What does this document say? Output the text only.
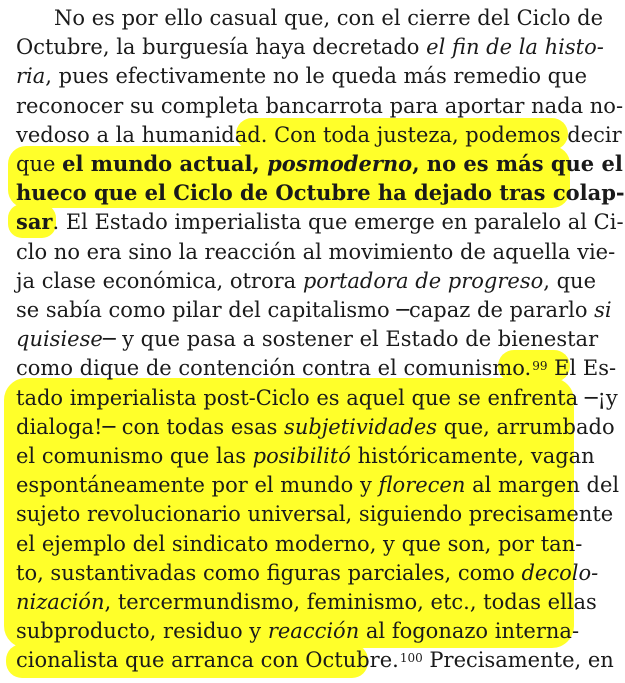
No es por ello casual que, con el cierre del Ciclo de
Octubre, la burguesía haya decretado el fin de la histo-
ria, pues efectivamente no le queda más remedio que
reconocer su completa bancarrota para aportar nada no-
vedoso a la humanidad. Con toda justeza, podemos decir
que el mundo actual, posmoderno, no es más que el
hueco que el Ciclo de Octubre ha dejado tras colap-
sar. El Estado imperialista que emerge en paralelo al Ci-
clo no era sino la reacción al movimiento de aquella vie-
ja clase económica, otrora portadora de progreso, que
se sabía como pilar del capitalismo ─capaz de pararlo si
quisiese─ y que pasa a sostener el Estado de bienestar
como dique de contención contra el comunismo.$^{99}$ El Es-
tado imperialista post-Ciclo es aquel que se enfrenta ─¡y
dialoga!─ con todas esas subjetividades que, arrumbado
el comunismo que las posibilitó históricamente, vagan
espontáneamente por el mundo y florecen al margen del
sujeto revolucionario universal, siguiendo precisamente
el ejemplo del sindicato moderno, y que son, por tan-
to, sustantivadas como figuras parciales, como decolo-
nización, tercermundismo, feminismo, etc., todas ellas
subproducto, residuo y reacción al fogonazo interna-
cionalista que arranca con Octubre.$^{100}$ Precisamente, en
